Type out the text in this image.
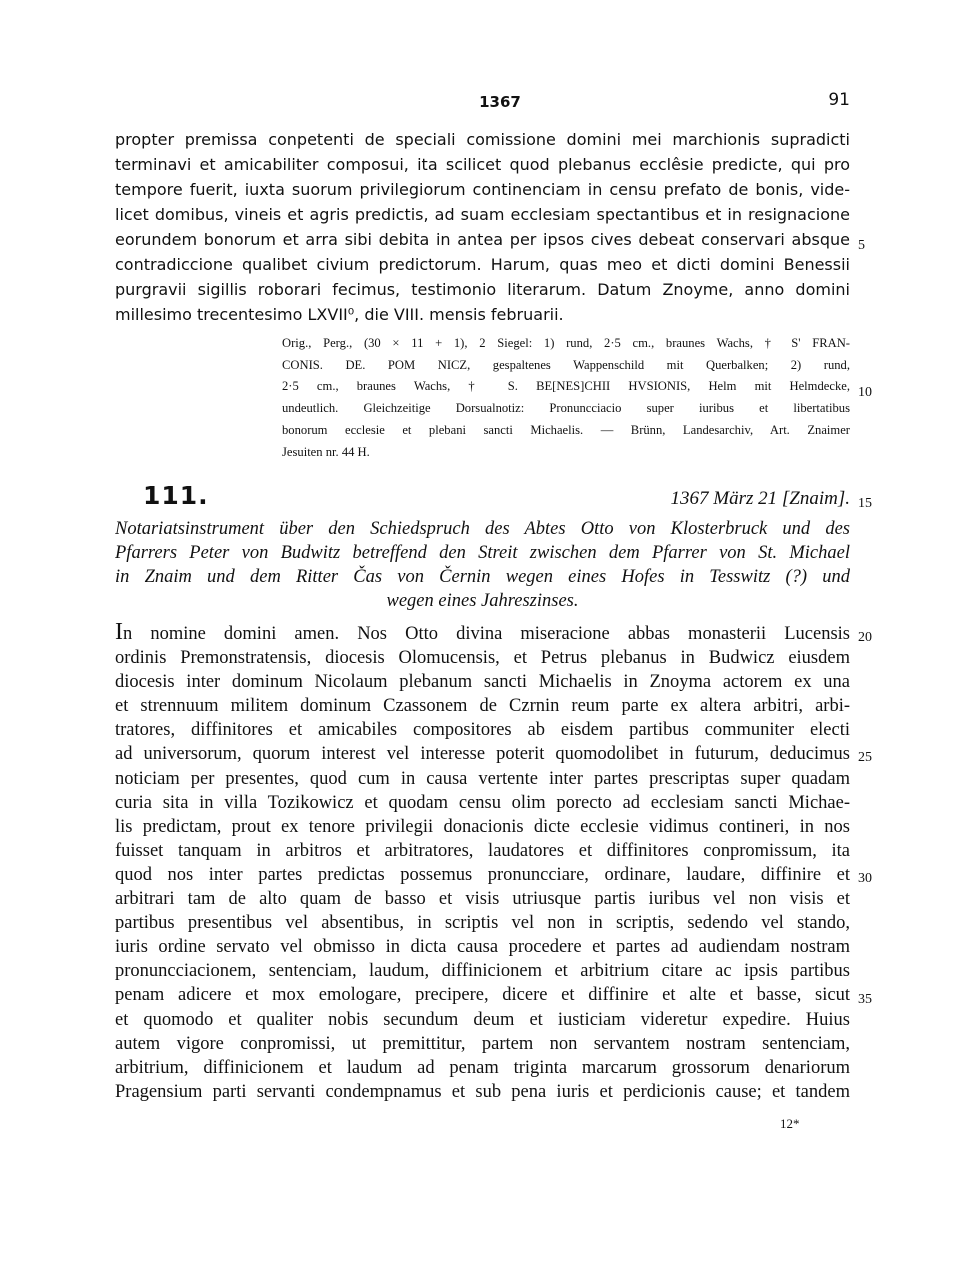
1367	91
propter premissa conpetenti de speciali comissione domini mei marchionis supradicti
terminavi et amicabiliter composui, ita scilicet quod plebanus ecclêsie predicte, qui pro
tempore fuerit, iuxta suorum privilegiorum continenciam in censu prefato de bonis, vide-
licet domibus, vineis et agris predictis, ad suam ecclesiam spectantibus et in resignacione
eorundem bonorum et arra sibi debita in antea per ipsos cives debeat conservari absque
contradiccione qualibet civium predictorum. Harum, quas meo et dicti domini Benessii
purgravii sigillis roborari fecimus, testimonio literarum. Datum Znoyme, anno domini
millesimo trecentesimo LXVII⁰, die VIII. mensis februarii.
Orig., Perg., (30 × 11 + 1), 2 Siegel: 1) rund, 2·5 cm., braunes Wachs, † S' FRAN-
CONIS. DE. POM NICZ, gespaltenes Wappenschild mit Querbalken; 2) rund,
2·5 cm., braunes Wachs, † S. BE[NES]CHII HVSIONIS, Helm mit Helmdecke,
undeutlich. Gleichzeitige Dorsualnotiz: Pronuncciacio super iuribus et libertatibus
bonorum ecclesie et plebani sancti Michaelis. — Brünn, Landesarchiv, Art. Znaimer
Jesuiten nr. 44 H.
111.	1367 März 21 [Znaim].
Notariatsinstrument über den Schiedspruch des Abtes Otto von Klosterbruck und des
Pfarrers Peter von Budwitz betreffend den Streit zwischen dem Pfarrer von St. Michael
in Znaim und dem Ritter Čas von Černin wegen eines Hofes in Tesswitz (?) und
wegen eines Jahreszinses.
In nomine domini amen. Nos Otto divina miseracione abbas monasterii Lucensis
ordinis Premonstratensis, diocesis Olomucensis, et Petrus plebanus in Budwicz eiusdem
diocesis inter dominum Nicolaum plebanum sancti Michaelis in Znoyma actorem ex una
et strennuum militem dominum Czassonem de Czrnin reum parte ex altera arbitri, arbi-
tratores, diffinitores et amicabiles compositores ab eisdem partibus communiter electi
ad universorum, quorum interest vel interesse poterit quomodolibet in futurum, deducimus
noticiam per presentes, quod cum in causa vertente inter partes prescriptas super quadam
curia sita in villa Tozikowicz et quodam censu olim porecto ad ecclesiam sancti Michae-
lis predictam, prout ex tenore privilegii donacionis dicte ecclesie vidimus contineri, in nos
fuisset tanquam in arbitros et arbitratores, laudatores et diffinitores conpromissum, ita
quod nos inter partes predictas possemus pronuncciare, ordinare, laudare, diffinire et
arbitrari tam de alto quam de basso et visis utriusque partis iuribus vel non visis et
partibus presentibus vel absentibus, in scriptis vel non in scriptis, sedendo vel stando,
iuris ordine servato vel obmisso in dicta causa procedere et partes ad audiendam nostram
pronuncciacionem, sentenciam, laudum, diffinicionem et arbitrium citare ac ipsis partibus
penam adicere et mox emologare, precipere, dicere et diffinire et alte et basse, sicut
et quomodo et qualiter nobis secundum deum et iusticiam videretur expedire. Huius
autem vigore conpromissi, ut premittitur, partem non servantem nostram sentenciam,
arbitrium, diffinicionem et laudum ad penam triginta marcarum grossorum denariorum
Pragensium parti servanti condempnamus et sub pena iuris et perdicionis cause; et tandem
5
10
15
20
25
30
35
12*
